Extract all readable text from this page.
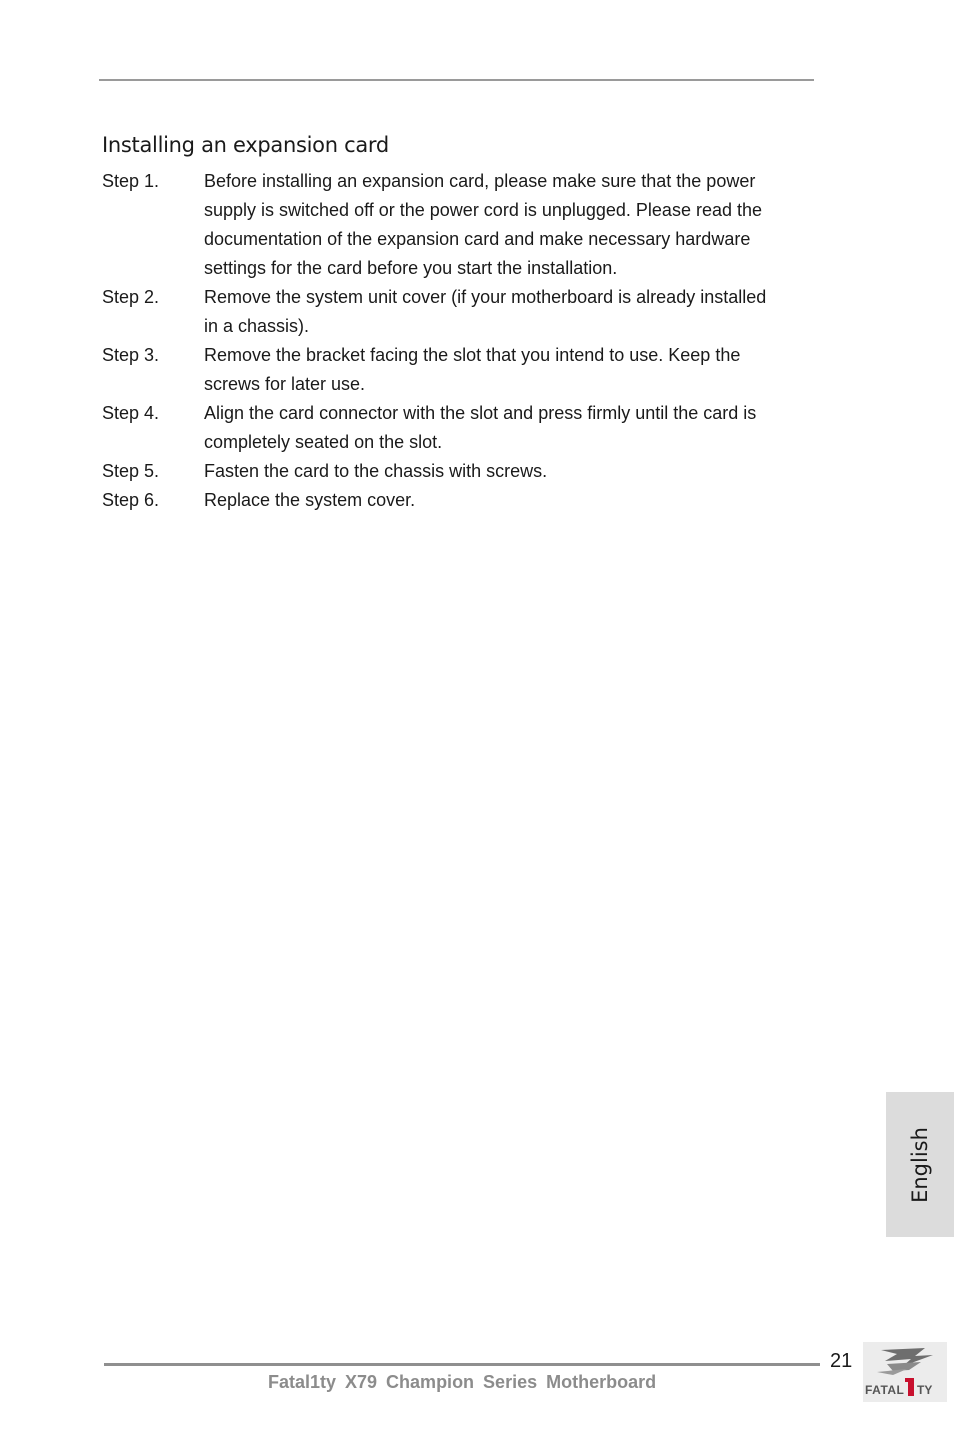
Installing an expansion card
Step 1.	Before installing an expansion card, please make sure that the power
supply is switched off or the power cord is unplugged. Please read the
documentation of the expansion card and make necessary hardware
settings for the card before you start the installation.
Step 2.	Remove the system unit cover (if your motherboard is already installed
in a chassis).
Step 3.	Remove the bracket facing the slot that you intend to use. Keep the
screws for later use.
Step 4.	Align the card connector with the slot and press firmly until the card is
completely seated on the slot.
Step 5.	Fasten the card to the chassis with screws.
Step 6.	Replace the system cover.
English
21
Fatal1ty X79 Champion Series Motherboard	FATAL TY
